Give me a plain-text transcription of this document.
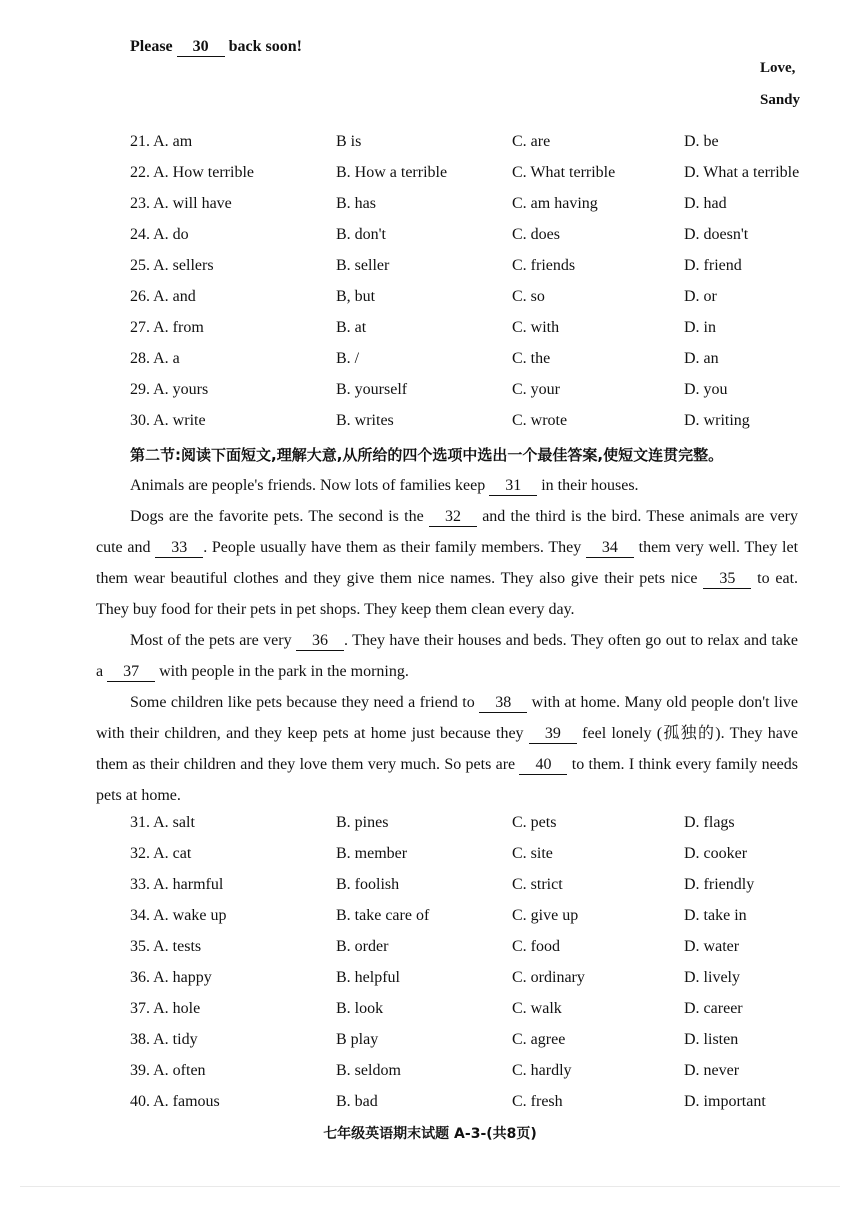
Please 30 back soon!
Love,
Sandy
21. A. am	B is	C. are	D. be
22. A. How terrible	B. How a terrible	C. What terrible	D. What a terrible
23. A. will have	B. has	C. am having	D. had
24. A. do	B. don't	C. does	D. doesn't
25. A. sellers	B. seller	C. friends	D. friend
26. A. and	B, but	C. so	D. or
27. A. from	B. at	C. with	D. in
28. A. a	B. /	C. the	D. an
29. A. yours	B. yourself	C. your	D. you
30. A. write	B. writes	C. wrote	D. writing
第二节:阅读下面短文,理解大意,从所给的四个选项中选出一个最佳答案,使短文连贯完整。
Animals are people's friends. Now lots of families keep 31 in their houses.
Dogs are the favorite pets. The second is the 32 and the third is the bird. These animals are very cute and 33 . People usually have them as their family members. They 34 them very well. They let them wear beautiful clothes and they give them nice names. They also give their pets nice 35 to eat. They buy food for their pets in pet shops. They keep them clean every day.
Most of the pets are very 36 . They have their houses and beds. They often go out to relax and take a 37 with people in the park in the morning.
Some children like pets because they need a friend to 38 with at home. Many old people don't live with their children, and they keep pets at home just because they 39 feel lonely (孤独的). They have them as their children and they love them very much. So pets are 40 to them. I think every family needs pets at home.
31. A. salt	B. pines	C. pets	D. flags
32. A. cat	B. member	C. site	D. cooker
33. A. harmful	B. foolish	C. strict	D. friendly
34. A. wake up	B. take care of	C. give up	D. take in
35. A. tests	B. order	C. food	D. water
36. A. happy	B. helpful	C. ordinary	D. lively
37. A. hole	B. look	C. walk	D. career
38. A. tidy	B play	C. agree	D. listen
39. A. often	B. seldom	C. hardly	D. never
40. A. famous	B. bad	C. fresh	D. important
七年级英语期末试题 A-3-(共8页)
